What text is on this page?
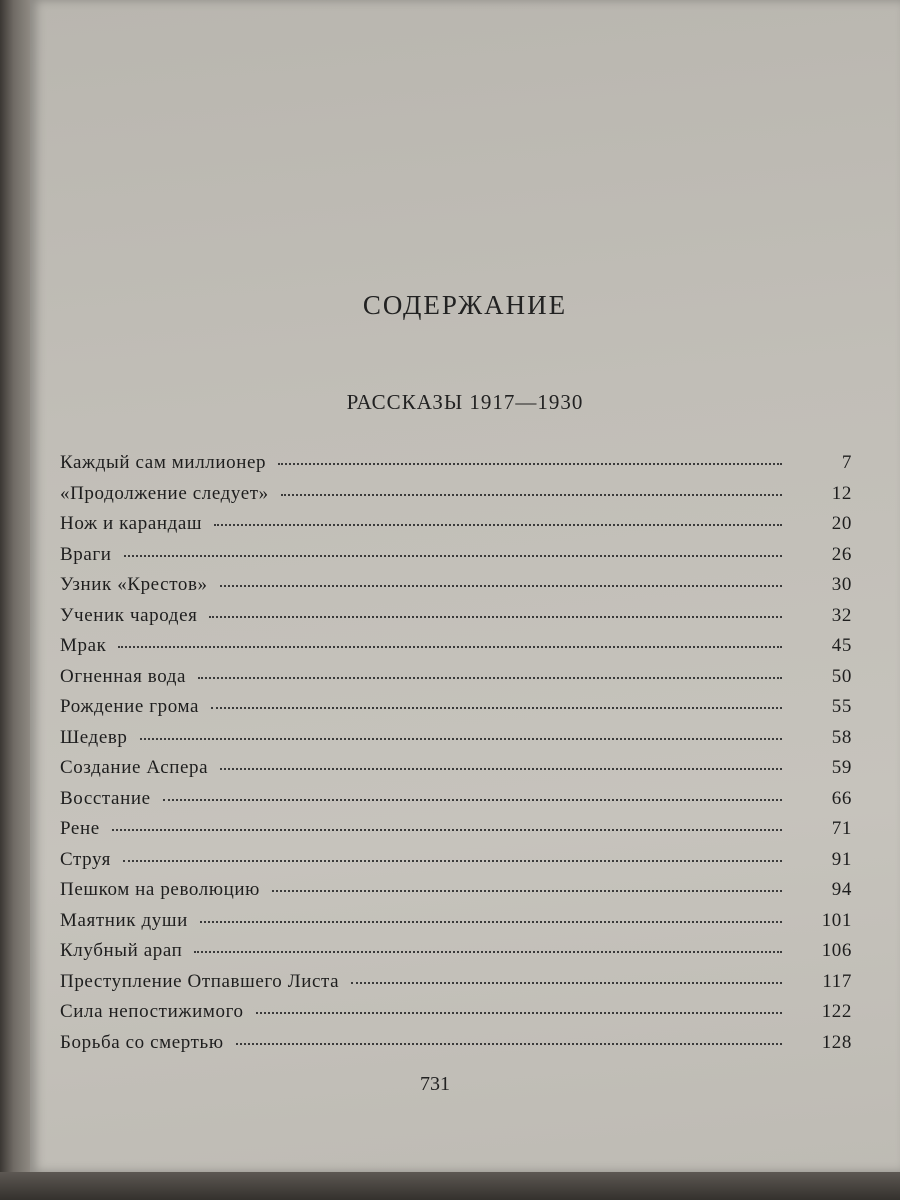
СОДЕРЖАНИЕ
РАССКАЗЫ 1917—1930
Каждый сам миллионер	7
«Продолжение следует»	12
Нож и карандаш	20
Враги	26
Узник «Крестов»	30
Ученик чародея	32
Мрак	45
Огненная вода	50
Рождение грома	55
Шедевр	58
Создание Аспера	59
Восстание	66
Рене	71
Струя	91
Пешком на революцию	94
Маятник души	101
Клубный арап	106
Преступление Отпавшего Листа	117
Сила непостижимого	122
Борьба со смертью	128
731
